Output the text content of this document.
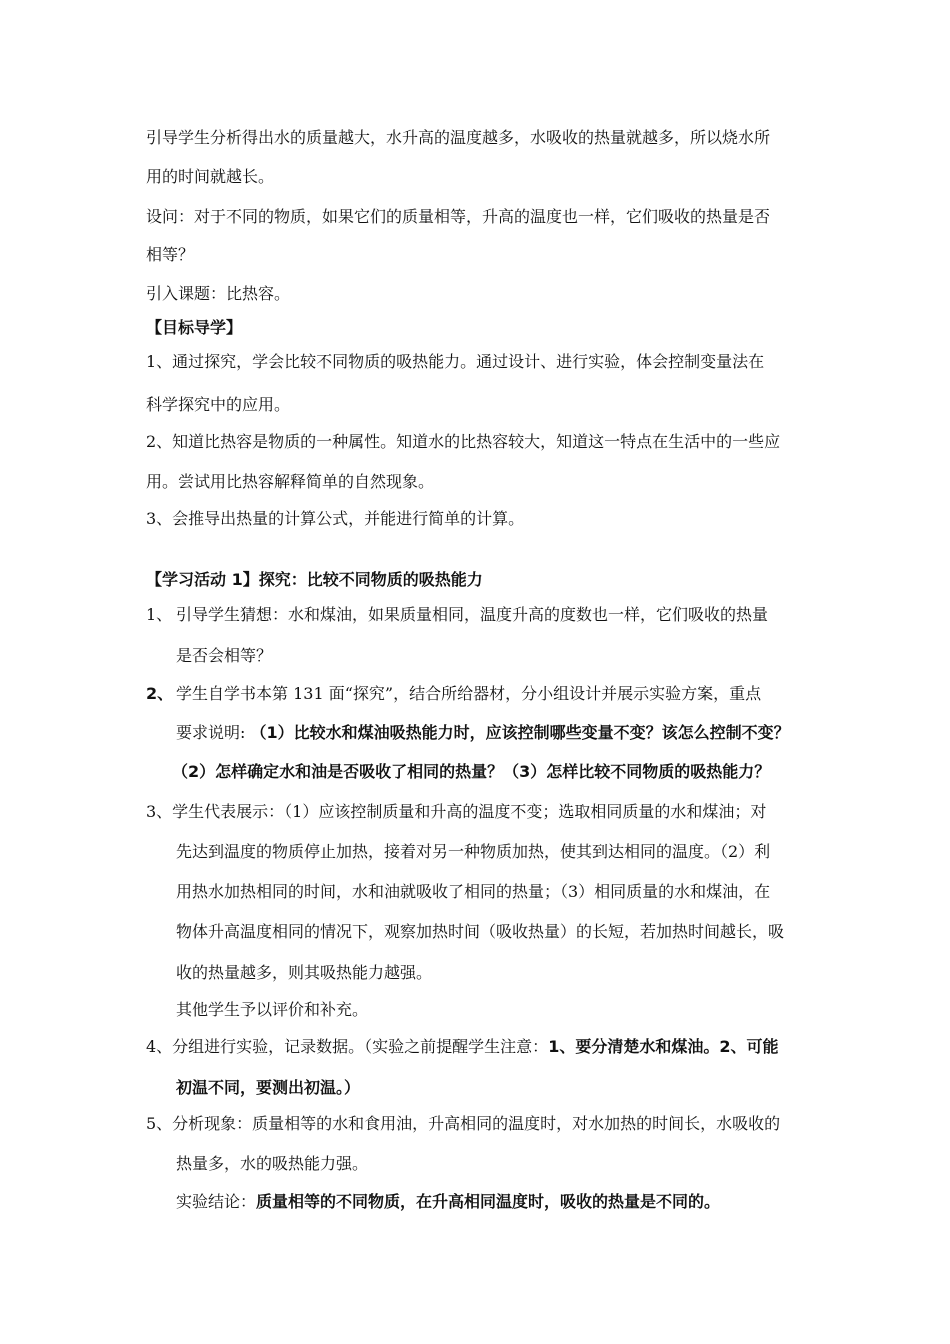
引导学生分析得出水的质量越大，水升高的温度越多，水吸收的热量就越多，所以烧水所
用的时间就越长。
设问：对于不同的物质，如果它们的质量相等，升高的温度也一样，它们吸收的热量是否
相等？
引入课题：比热容。
【目标导学】
1、通过探究，学会比较不同物质的吸热能力。通过设计、进行实验，体会控制变量法在
科学探究中的应用。
2、知道比热容是物质的一种属性。知道水的比热容较大，知道这一特点在生活中的一些应
用。尝试用比热容解释简单的自然现象。
3、会推导出热量的计算公式，并能进行简单的计算。
【学习活动 1】探究：比较不同物质的吸热能力
1、 引导学生猜想：水和煤油，如果质量相同，温度升高的度数也一样，它们吸收的热量
是否会相等？
2、 学生自学书本第 131 面“探究”，结合所给器材，分小组设计并展示实验方案，重点
要求说明: （1）比较水和煤油吸热能力时，应该控制哪些变量不变？该怎么控制不变？
（2）怎样确定水和油是否吸收了相同的热量？（3）怎样比较不同物质的吸热能力？
3、学生代表展示：（1）应该控制质量和升高的温度不变；选取相同质量的水和煤油；对
先达到温度的物质停止加热，接着对另一种物质加热，使其到达相同的温度。（2）利
用热水加热相同的时间，水和油就吸收了相同的热量；（3）相同质量的水和煤油，在
物体升高温度相同的情况下，观察加热时间（吸收热量）的长短，若加热时间越长，吸
收的热量越多，则其吸热能力越强。
其他学生予以评价和补充。
4、分组进行实验，记录数据。（实验之前提醒学生注意：1、要分清楚水和煤油。2、可能
初温不同，要测出初温。）
5、分析现象：质量相等的水和食用油，升高相同的温度时，对水加热的时间长，水吸收的
热量多，水的吸热能力强。
实验结论：质量相等的不同物质，在升高相同温度时，吸收的热量是不同的。
